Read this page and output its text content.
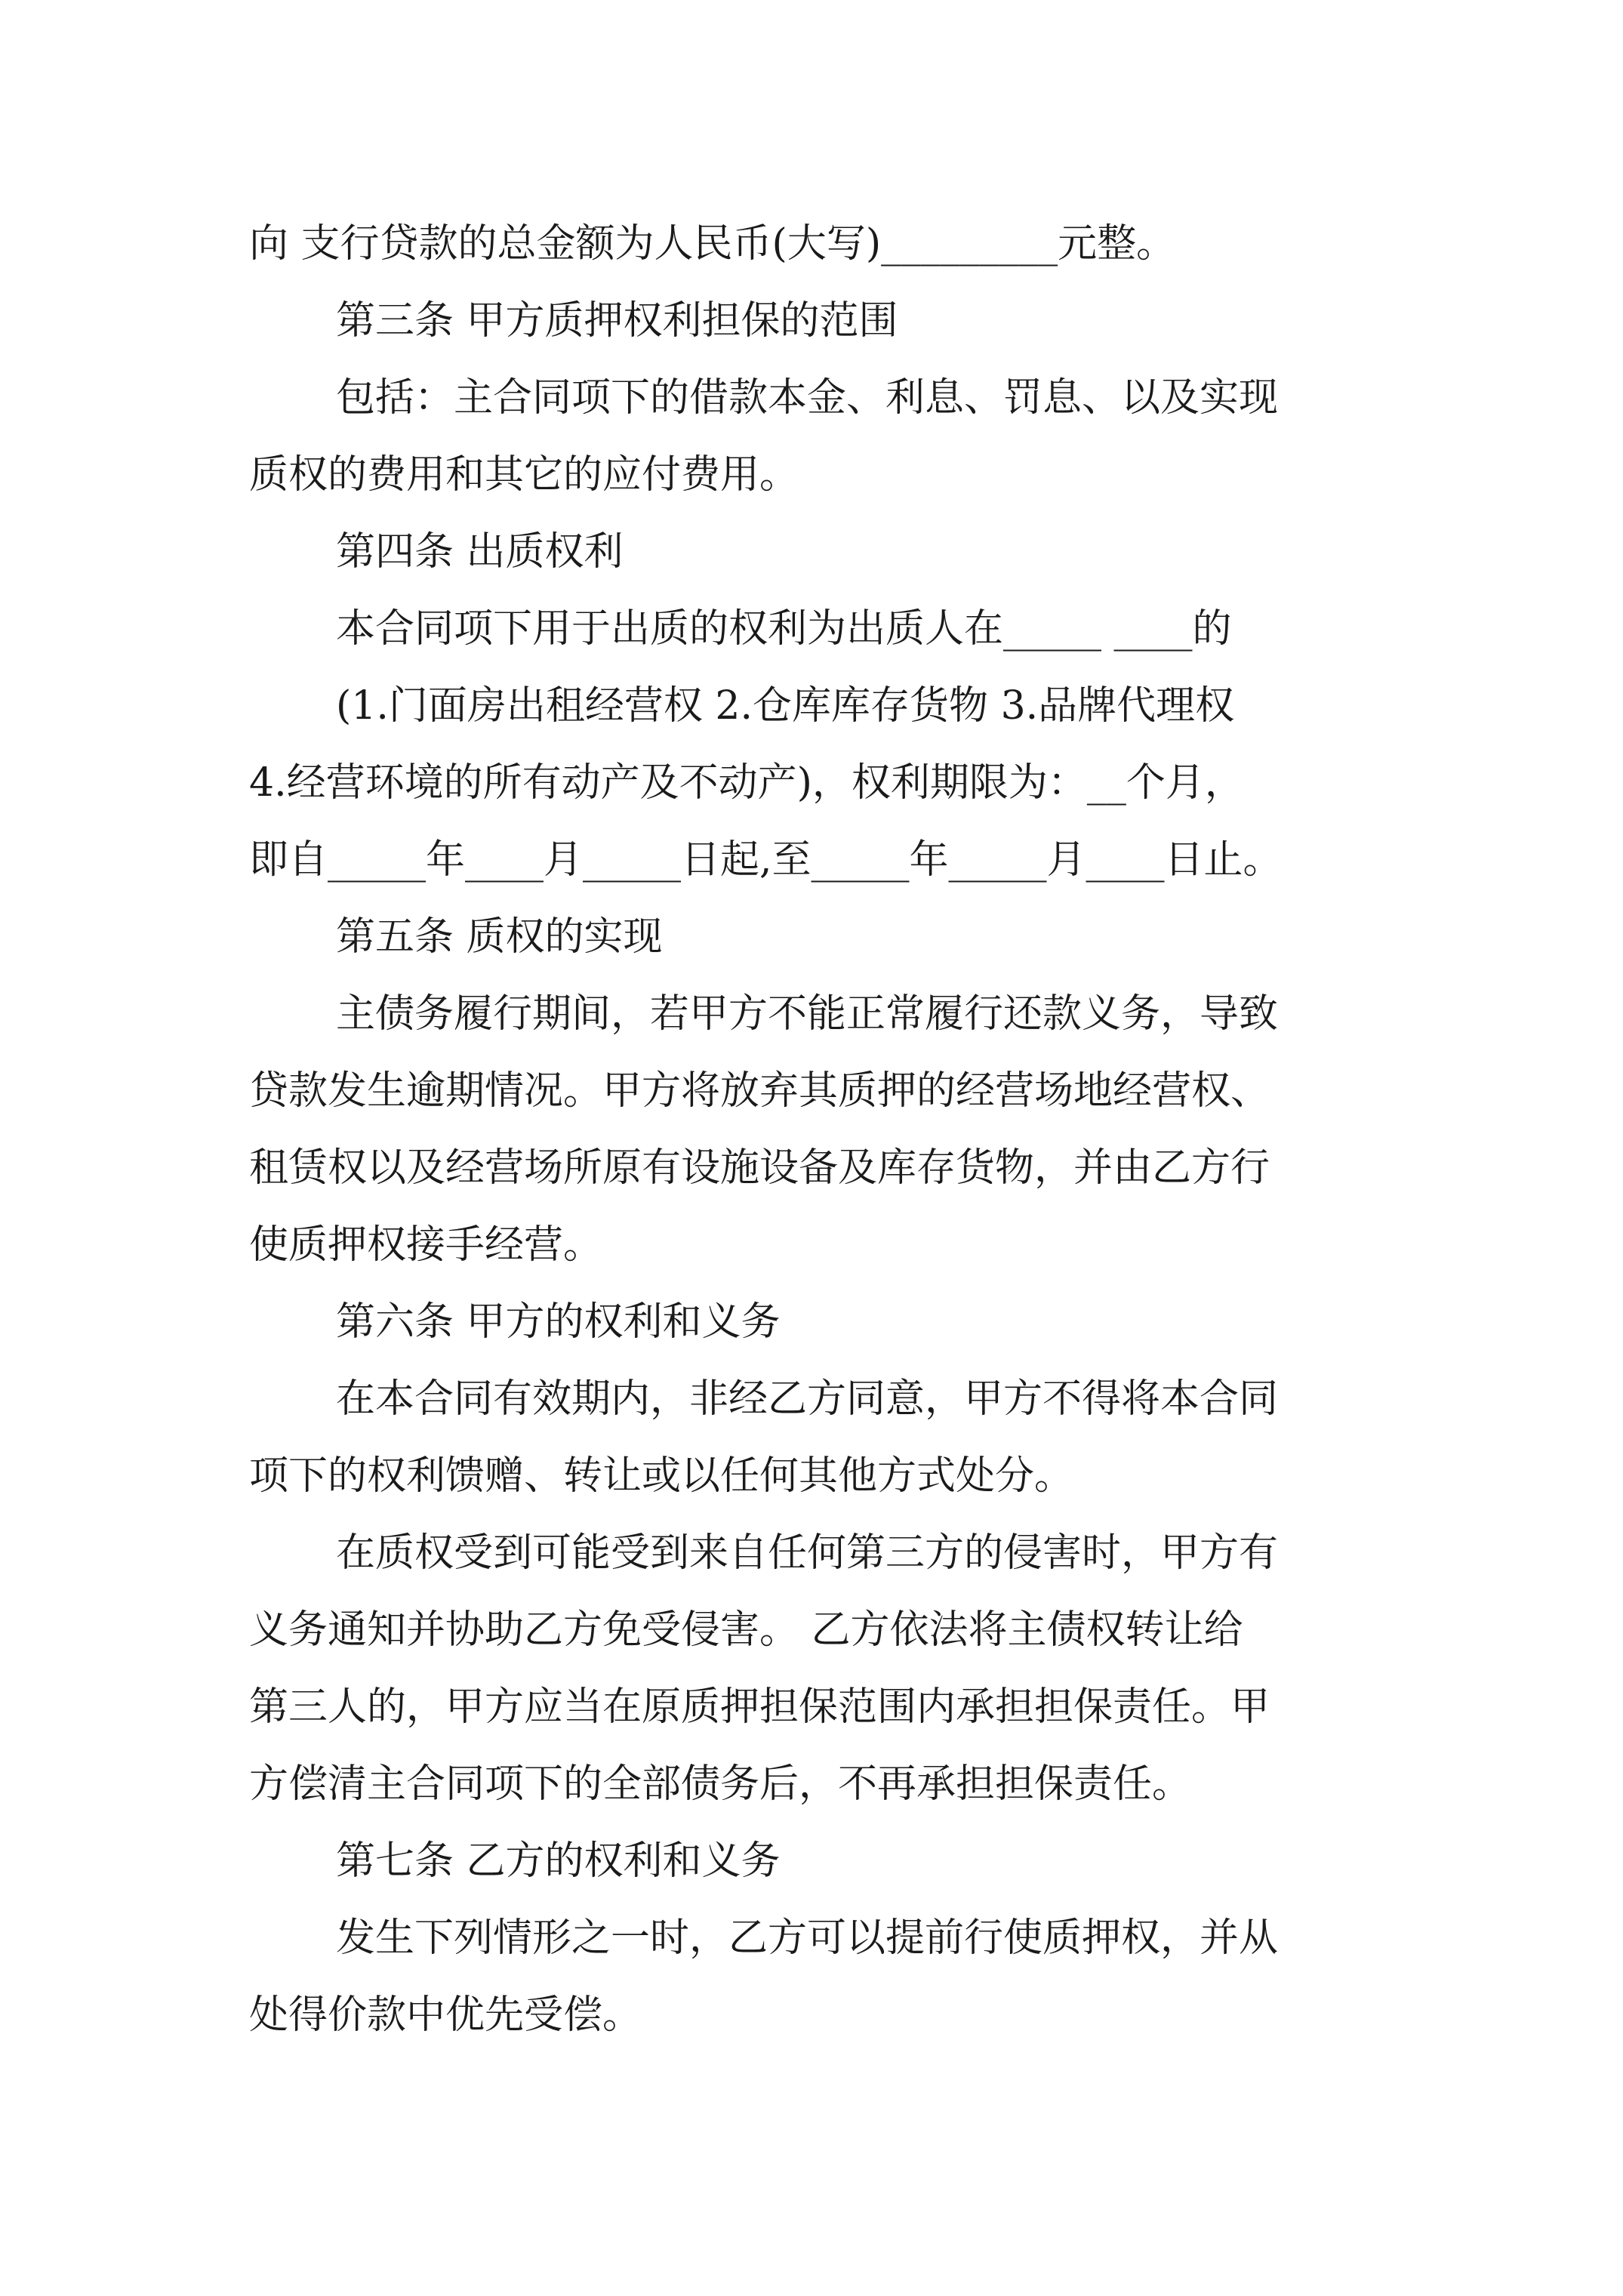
向 支行贷款的总金额为人民币(大写)_________元整。
第三条 甲方质押权利担保的范围
包括：主合同项下的借款本金、利息、罚息、以及实现
质权的费用和其它的应付费用。
第四条 出质权利
本合同项下用于出质的权利为出质人在_____ ____的
(1.门面房出租经营权 2.仓库库存货物 3.品牌代理权
4.经营环境的所有动产及不动产)，权利期限为：__个月，
即自_____年____月_____日起,至_____年_____月____日止。
第五条 质权的实现
主债务履行期间，若甲方不能正常履行还款义务，导致
贷款发生逾期情况。甲方将放弃其质押的经营场地经营权、
租赁权以及经营场所原有设施设备及库存货物，并由乙方行
使质押权接手经营。
第六条 甲方的权利和义务
在本合同有效期内，非经乙方同意，甲方不得将本合同
项下的权利馈赠、转让或以任何其他方式处分。
在质权受到可能受到来自任何第三方的侵害时，甲方有
义务通知并协助乙方免受侵害。 乙方依法将主债权转让给
第三人的，甲方应当在原质押担保范围内承担担保责任。甲
方偿清主合同项下的全部债务后，不再承担担保责任。
第七条 乙方的权利和义务
发生下列情形之一时，乙方可以提前行使质押权，并从
处得价款中优先受偿。
